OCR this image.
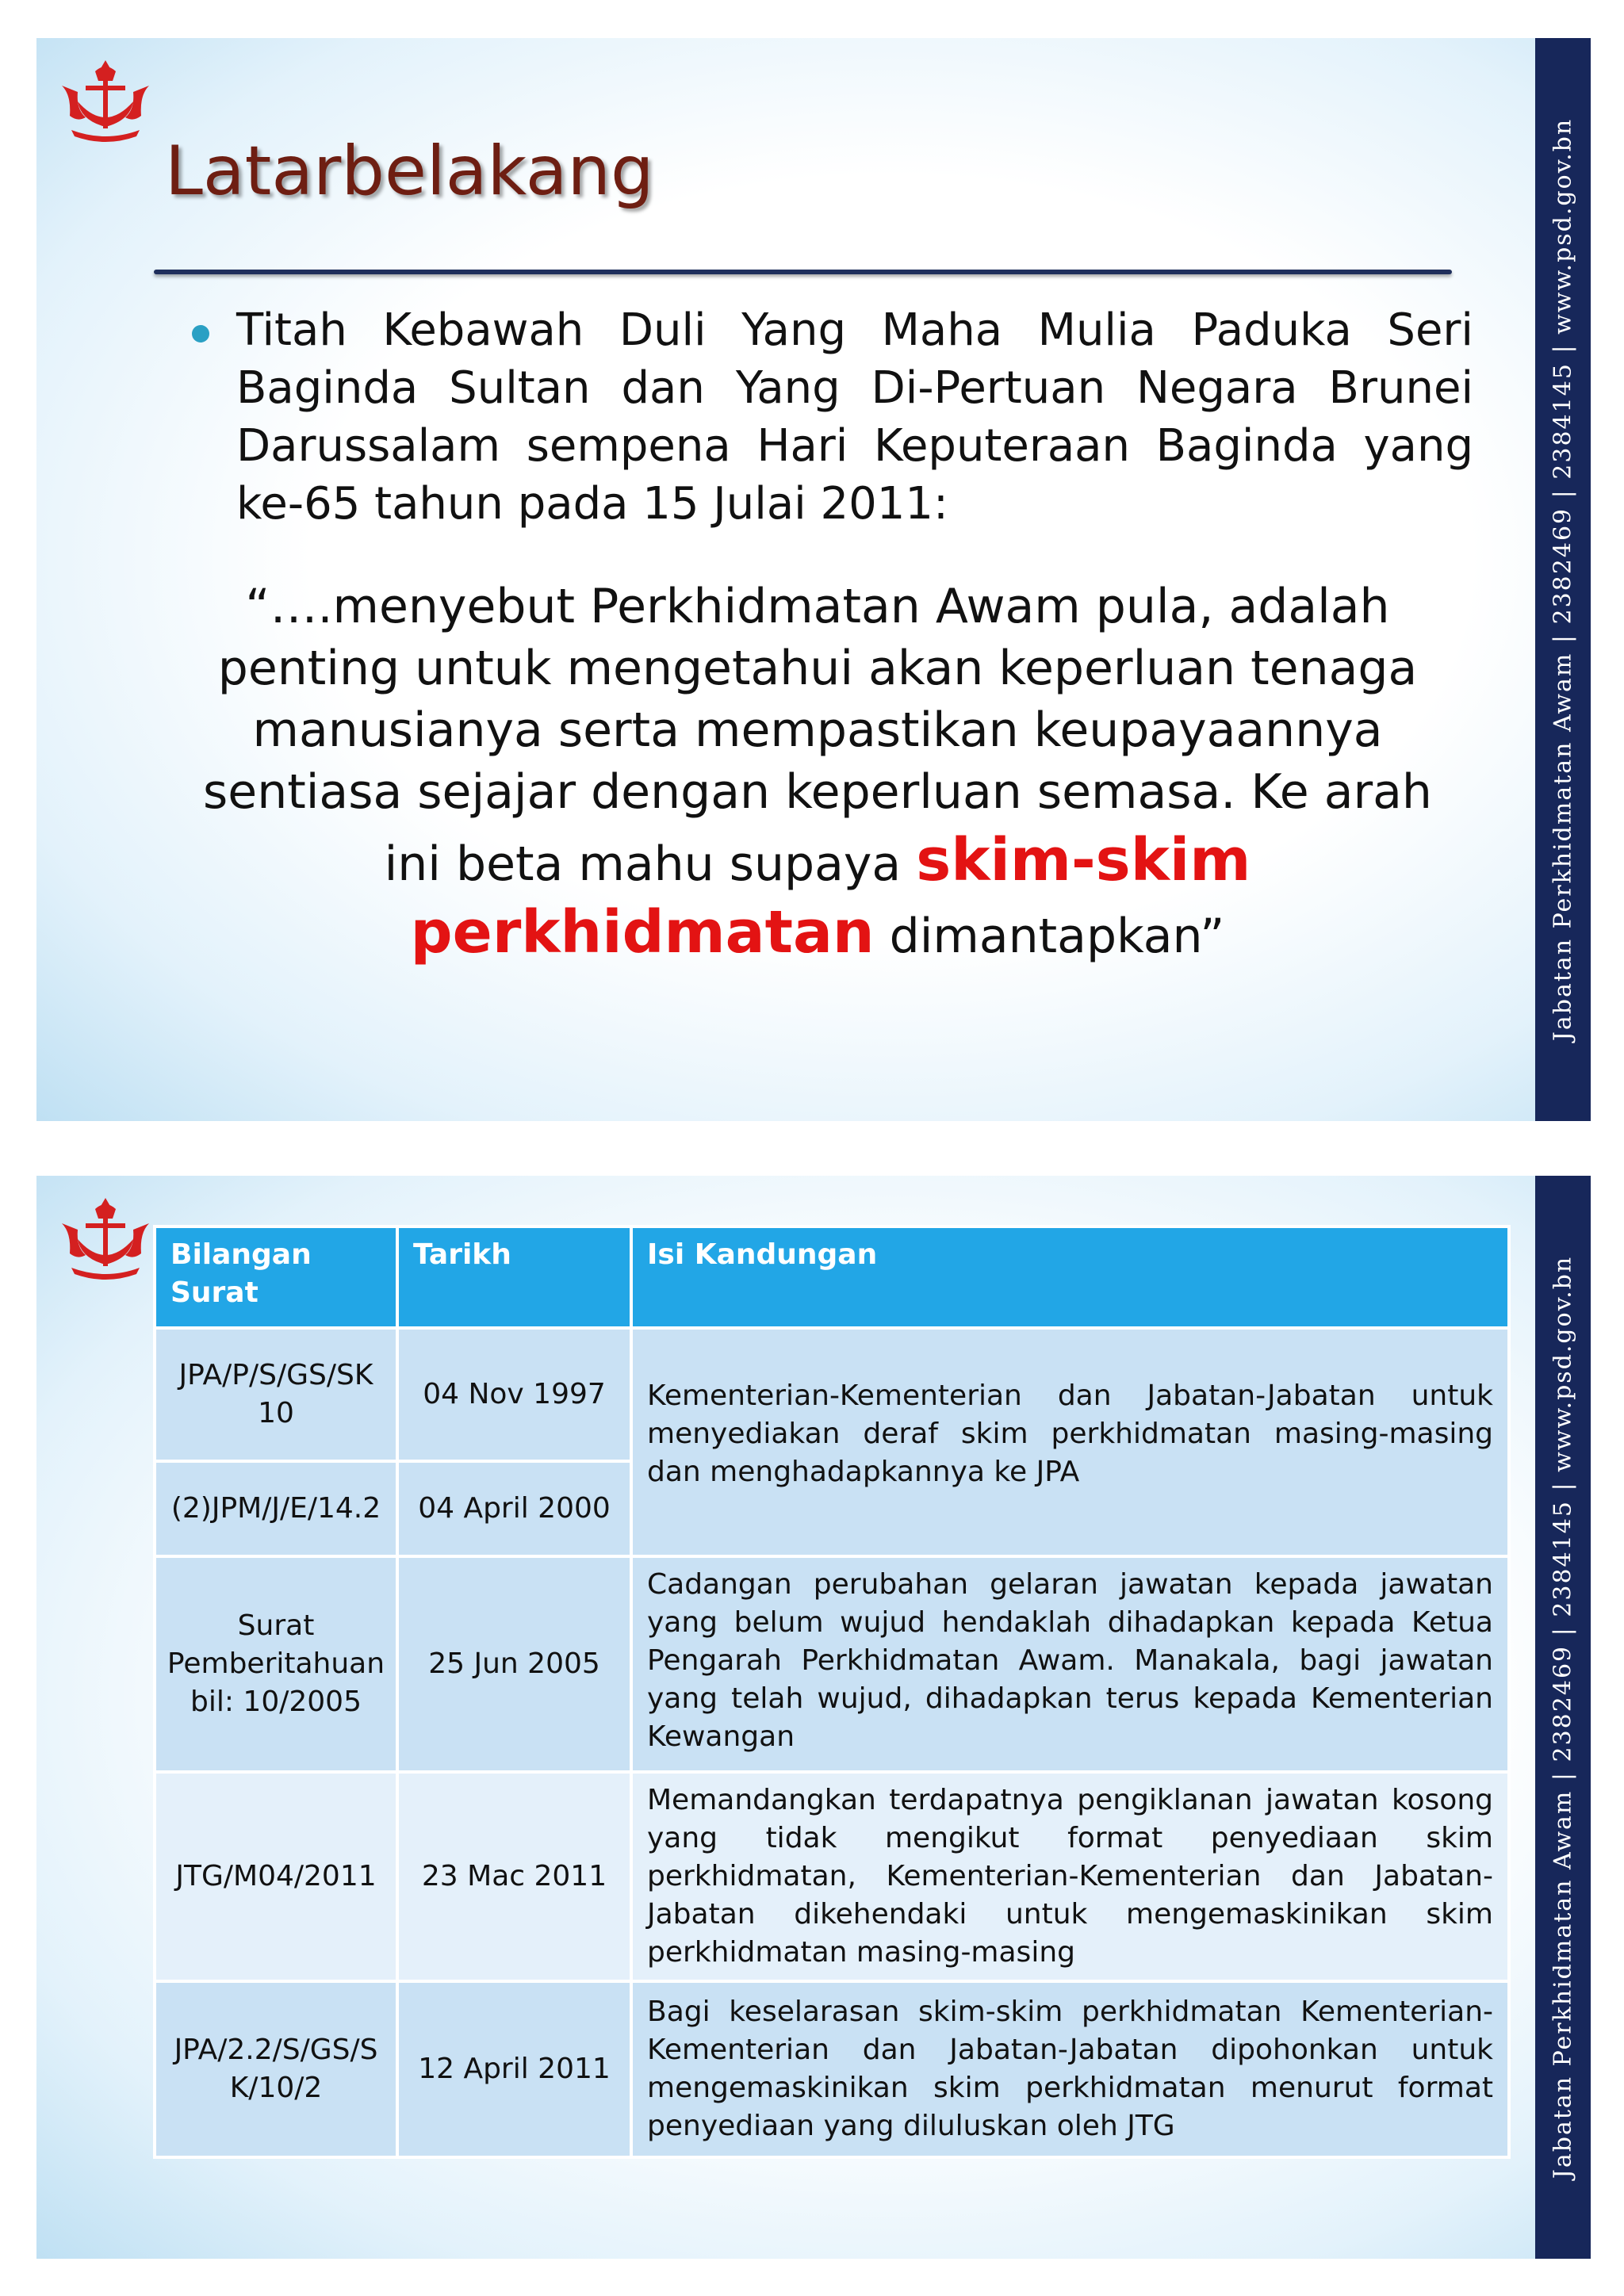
Latarbelakang
Titah Kebawah Duli Yang Maha Mulia Paduka Seri Baginda Sultan dan Yang Di-Pertuan Negara Brunei Darussalam sempena Hari Keputeraan Baginda yang ke-65 tahun pada 15 Julai 2011:
“….menyebut Perkhidmatan Awam pula, adalah
penting untuk mengetahui akan keperluan tenaga
manusianya serta mempastikan keupayaannya
sentiasa sejajar dengan keperluan semasa. Ke arah
ini beta mahu supaya skim-skim
perkhidmatan dimantapkan”	Jabatan Perkhidmatan Awam | 2382469 | 2384145 | www.psd.gov.bn
Bilangan Surat	Tarikh	Isi Kandungan
JPA/P/S/GS/SK 10	04 Nov 1997	Kementerian-Kementerian dan Jabatan-Jabatan untuk menyediakan deraf skim perkhidmatan masing-masing dan menghadapkannya ke JPA
(2)JPM/J/E/14.2	04 April 2000	
Surat Pemberitahuan bil: 10/2005	25 Jun 2005	Cadangan perubahan gelaran jawatan kepada jawatan yang belum wujud hendaklah dihadapkan kepada Ketua Pengarah Perkhidmatan Awam. Manakala, bagi jawatan yang telah wujud, dihadapkan terus kepada Kementerian Kewangan
JTG/M04/2011	23 Mac 2011	Memandangkan terdapatnya pengiklanan jawatan kosong yang tidak mengikut format penyediaan skim perkhidmatan, Kementerian-Kementerian dan Jabatan-Jabatan dikehendaki untuk mengemaskinikan skim perkhidmatan masing-masing
JPA/2.2/S/GS/SK/10/2	12 April 2011	Bagi keselarasan skim-skim perkhidmatan Kementerian-Kementerian dan Jabatan-Jabatan dipohonkan untuk mengemaskinikan skim perkhidmatan menurut format penyediaan yang diluluskan oleh JTG	Jabatan Perkhidmatan Awam | 2382469 | 2384145 | www.psd.gov.bn
